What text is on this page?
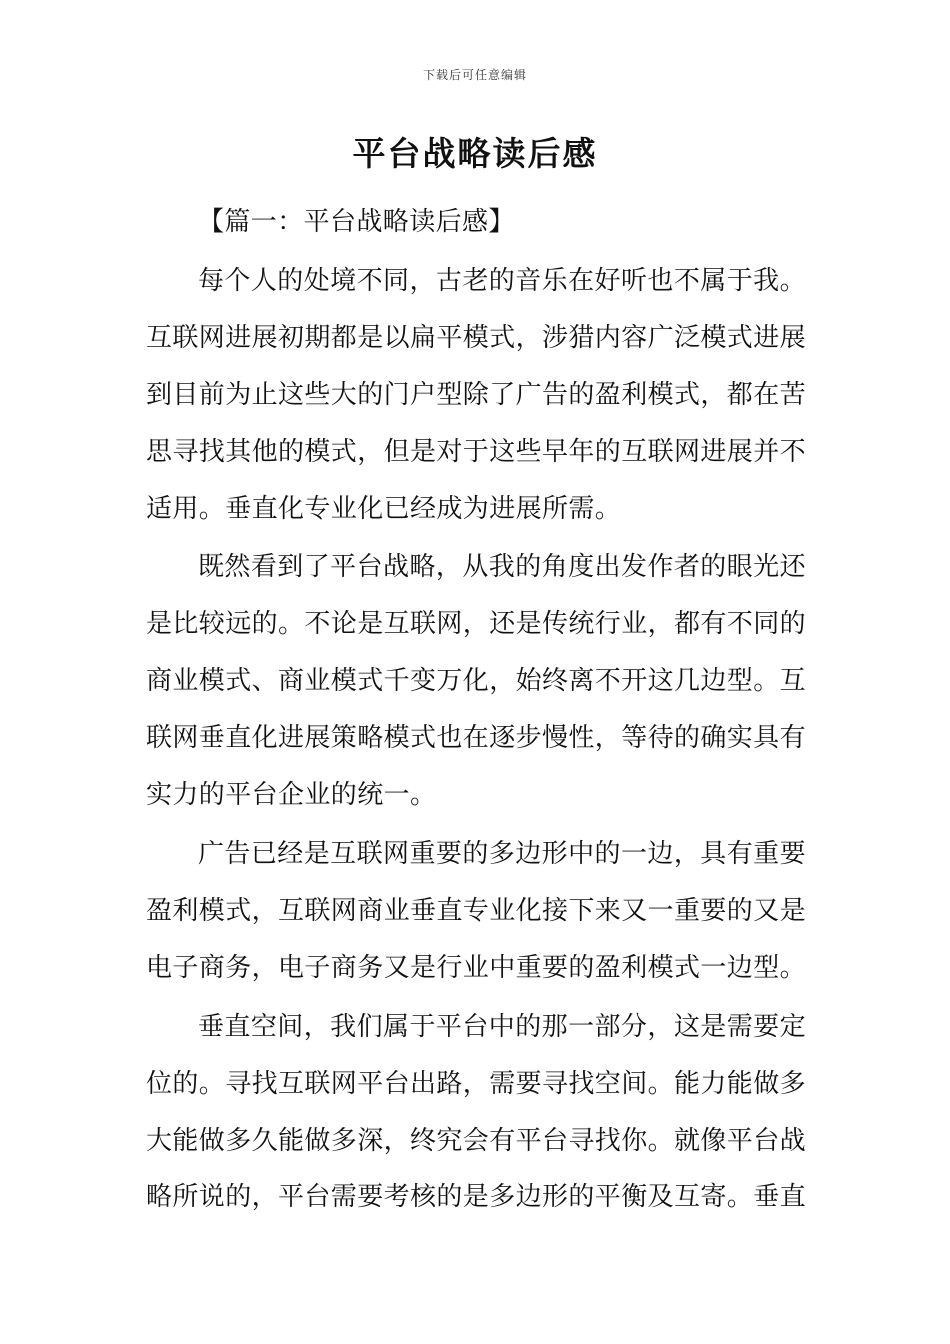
下载后可任意编辑
平台战略读后感

【篇一：平台战略读后感】

每个人的处境不同，古老的音乐在好听也不属于我。互联网进展初期都是以扁平模式，涉猎内容广泛模式进展到目前为止这些大的门户型除了广告的盈利模式，都在苦思寻找其他的模式，但是对于这些早年的互联网进展并不适用。垂直化专业化已经成为进展所需。

既然看到了平台战略，从我的角度出发作者的眼光还是比较远的。不论是互联网，还是传统行业，都有不同的商业模式、商业模式千变万化，始终离不开这几边型。互联网垂直化进展策略模式也在逐步慢性，等待的确实具有实力的平台企业的统一。

广告已经是互联网重要的多边形中的一边，具有重要盈利模式，互联网商业垂直专业化接下来又一重要的又是电子商务，电子商务又是行业中重要的盈利模式一边型。

垂直空间，我们属于平台中的那一部分，这是需要定位的。寻找互联网平台出路，需要寻找空间。能力能做多大能做多久能做多深，终究会有平台寻找你。就像平台战略所说的，平台需要考核的是多边形的平衡及互寄。垂直
